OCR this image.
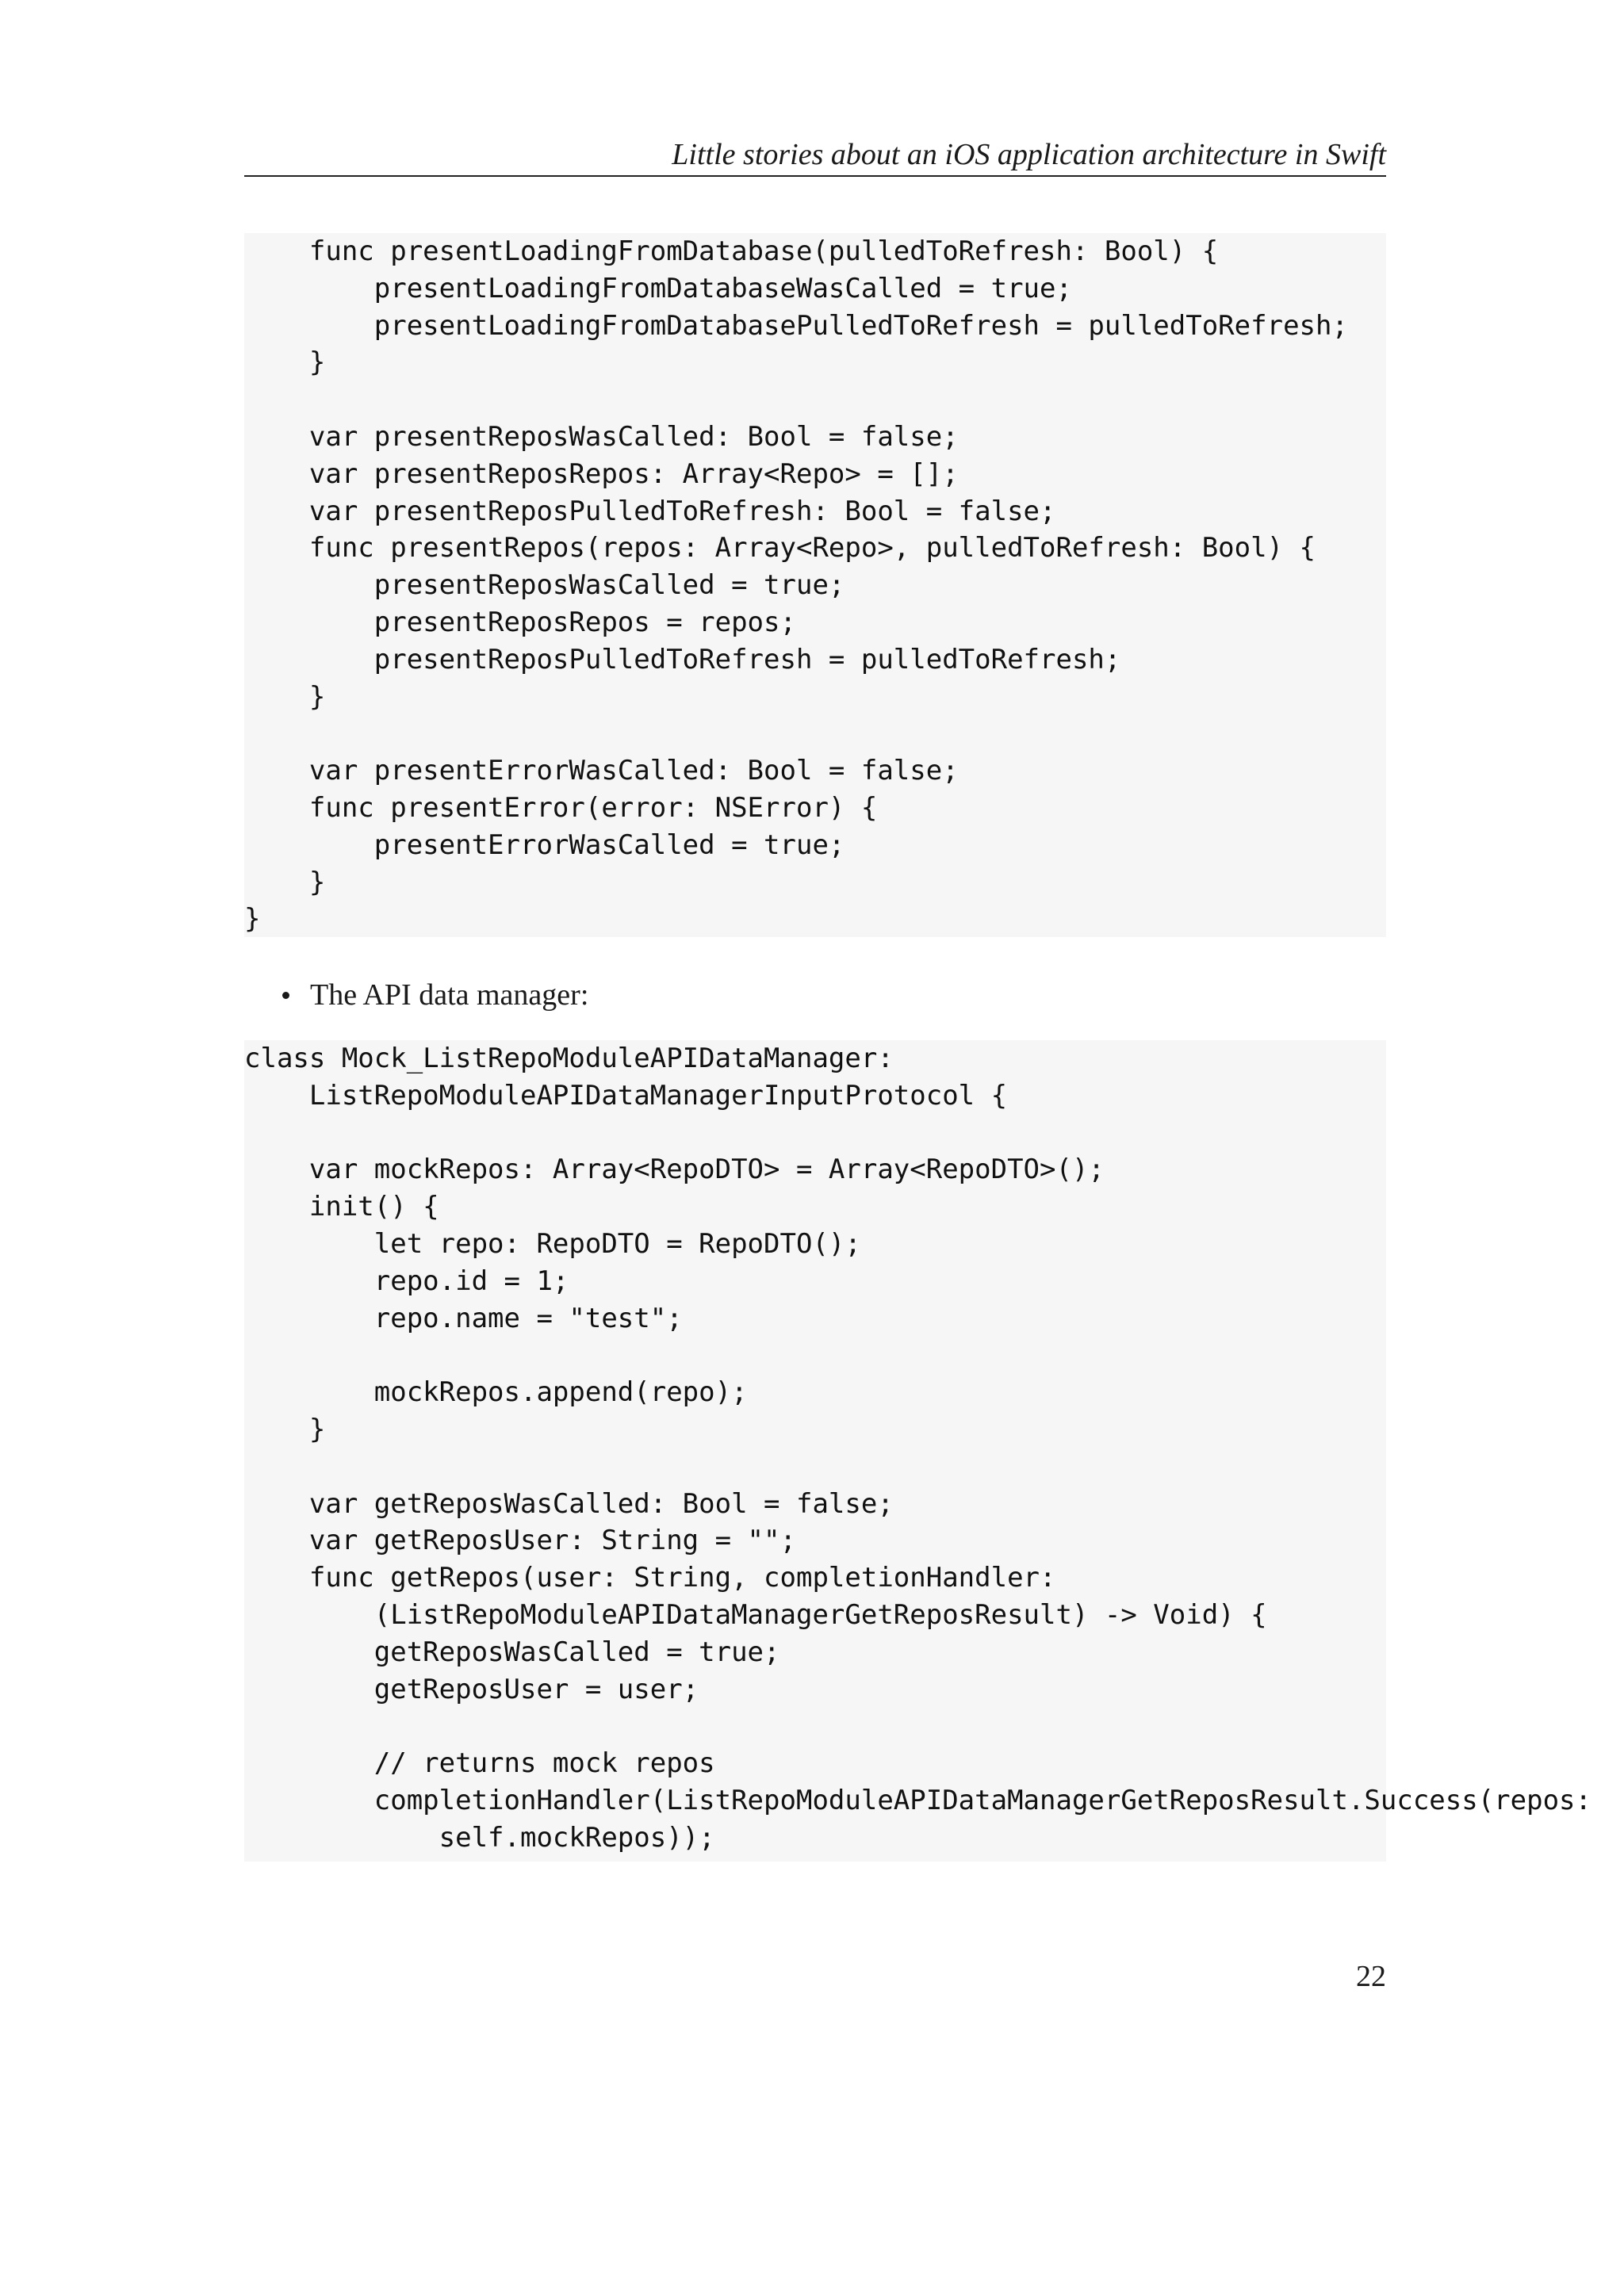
Little stories about an iOS application architecture in Swift
func presentLoadingFromDatabase(pulledToRefresh: Bool) {
presentLoadingFromDatabaseWasCalled = true;
presentLoadingFromDatabasePulledToRefresh = pulledToRefresh;
}
var presentReposWasCalled: Bool = false;
var presentReposRepos: Array<Repo> = [];
var presentReposPulledToRefresh: Bool = false;
func presentRepos(repos: Array<Repo>, pulledToRefresh: Bool) {
presentReposWasCalled = true;
presentReposRepos = repos;
presentReposPulledToRefresh = pulledToRefresh;
}
var presentErrorWasCalled: Bool = false;
func presentError(error: NSError) {
presentErrorWasCalled = true;
}
}
The API data manager:
class Mock_ListRepoModuleAPIDataManager:
ListRepoModuleAPIDataManagerInputProtocol {
var mockRepos: Array<RepoDTO> = Array<RepoDTO>();
init() {
let repo: RepoDTO = RepoDTO();
repo.id = 1;
repo.name = "test";
mockRepos.append(repo);
}
var getReposWasCalled: Bool = false;
var getReposUser: String = "";
func getRepos(user: String, completionHandler:
(ListRepoModuleAPIDataManagerGetReposResult) -> Void) {
getReposWasCalled = true;
getReposUser = user;
// returns mock repos
completionHandler(ListRepoModuleAPIDataManagerGetReposResult.Success(repos:
self.mockRepos));
22
